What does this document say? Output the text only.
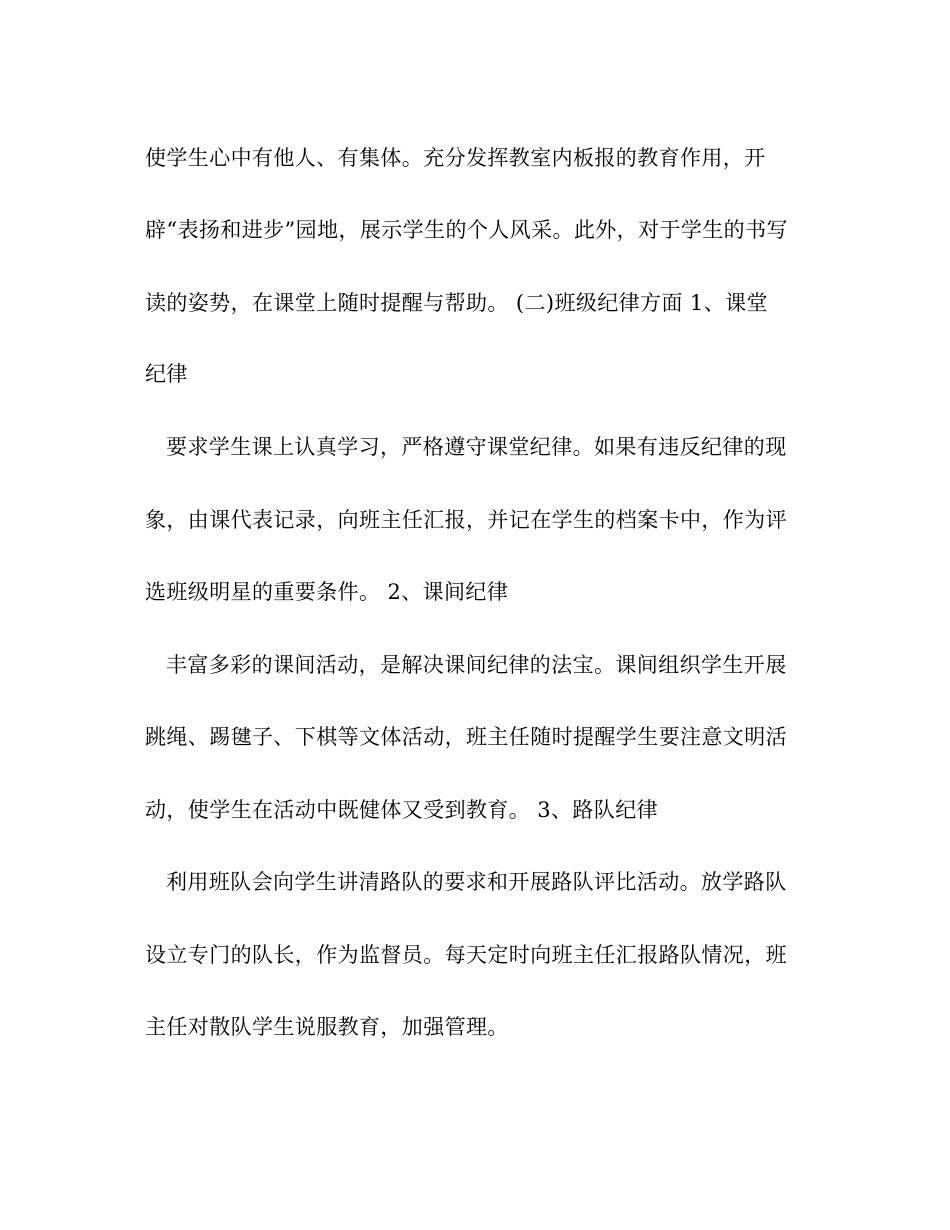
使学生心中有他人、有集体。充分发挥教室内板报的教育作用，开
辟“表扬和进步”园地，展示学生的个人风采。此外，对于学生的书写
读的姿势，在课堂上随时提醒与帮助。 (二)班级纪律方面 1、课堂
纪律
要求学生课上认真学习，严格遵守课堂纪律。如果有违反纪律的现
象，由课代表记录，向班主任汇报，并记在学生的档案卡中，作为评
选班级明星的重要条件。 2、课间纪律
丰富多彩的课间活动，是解决课间纪律的法宝。课间组织学生开展
跳绳、踢毽子、下棋等文体活动，班主任随时提醒学生要注意文明活
动，使学生在活动中既健体又受到教育。 3、路队纪律
利用班队会向学生讲清路队的要求和开展路队评比活动。放学路队
设立专门的队长，作为监督员。每天定时向班主任汇报路队情况，班
主任对散队学生说服教育，加强管理。
